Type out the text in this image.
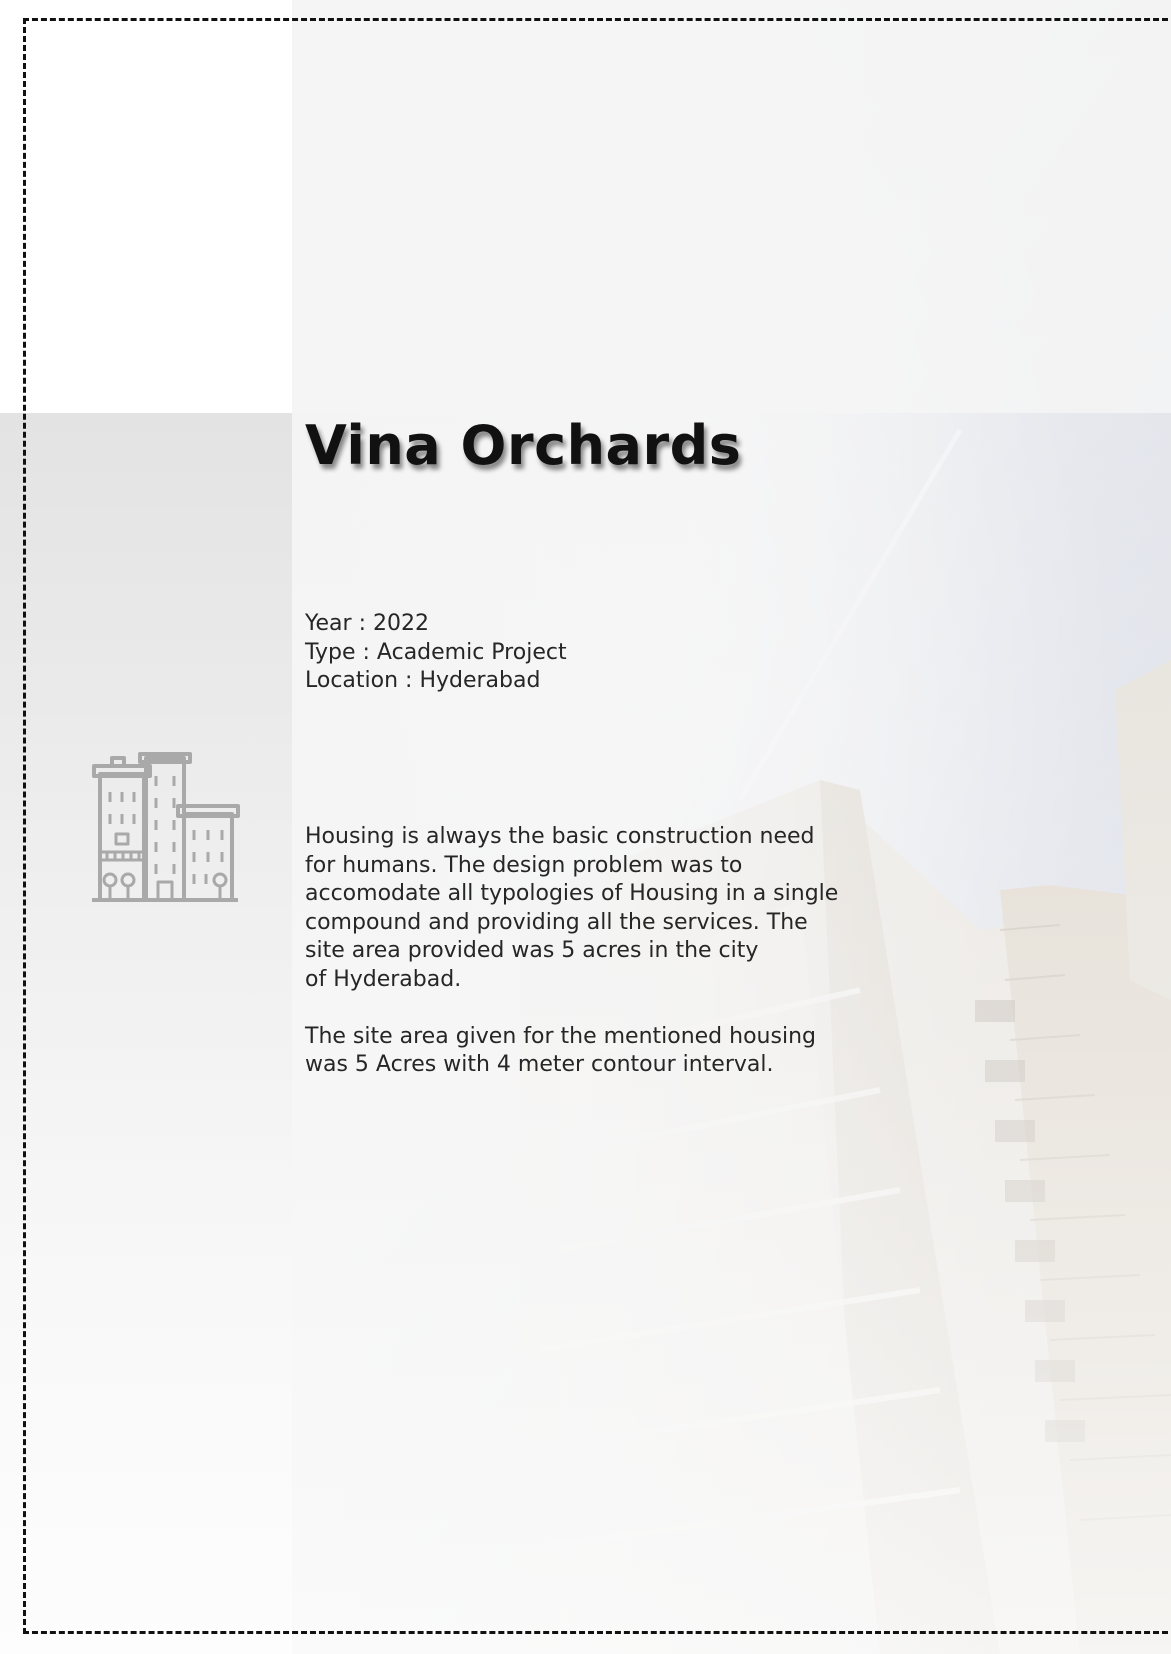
Vina Orchards
Year : 2022
Type : Academic Project
Location : Hyderabad

Housing is always the basic construction need
for humans. The design problem was to
accomodate all typologies of Housing in a single
compound and providing all the services. The
site area provided was 5 acres in the city
of Hyderabad.

The site area given for the mentioned housing
was 5 Acres with 4 meter contour interval.
